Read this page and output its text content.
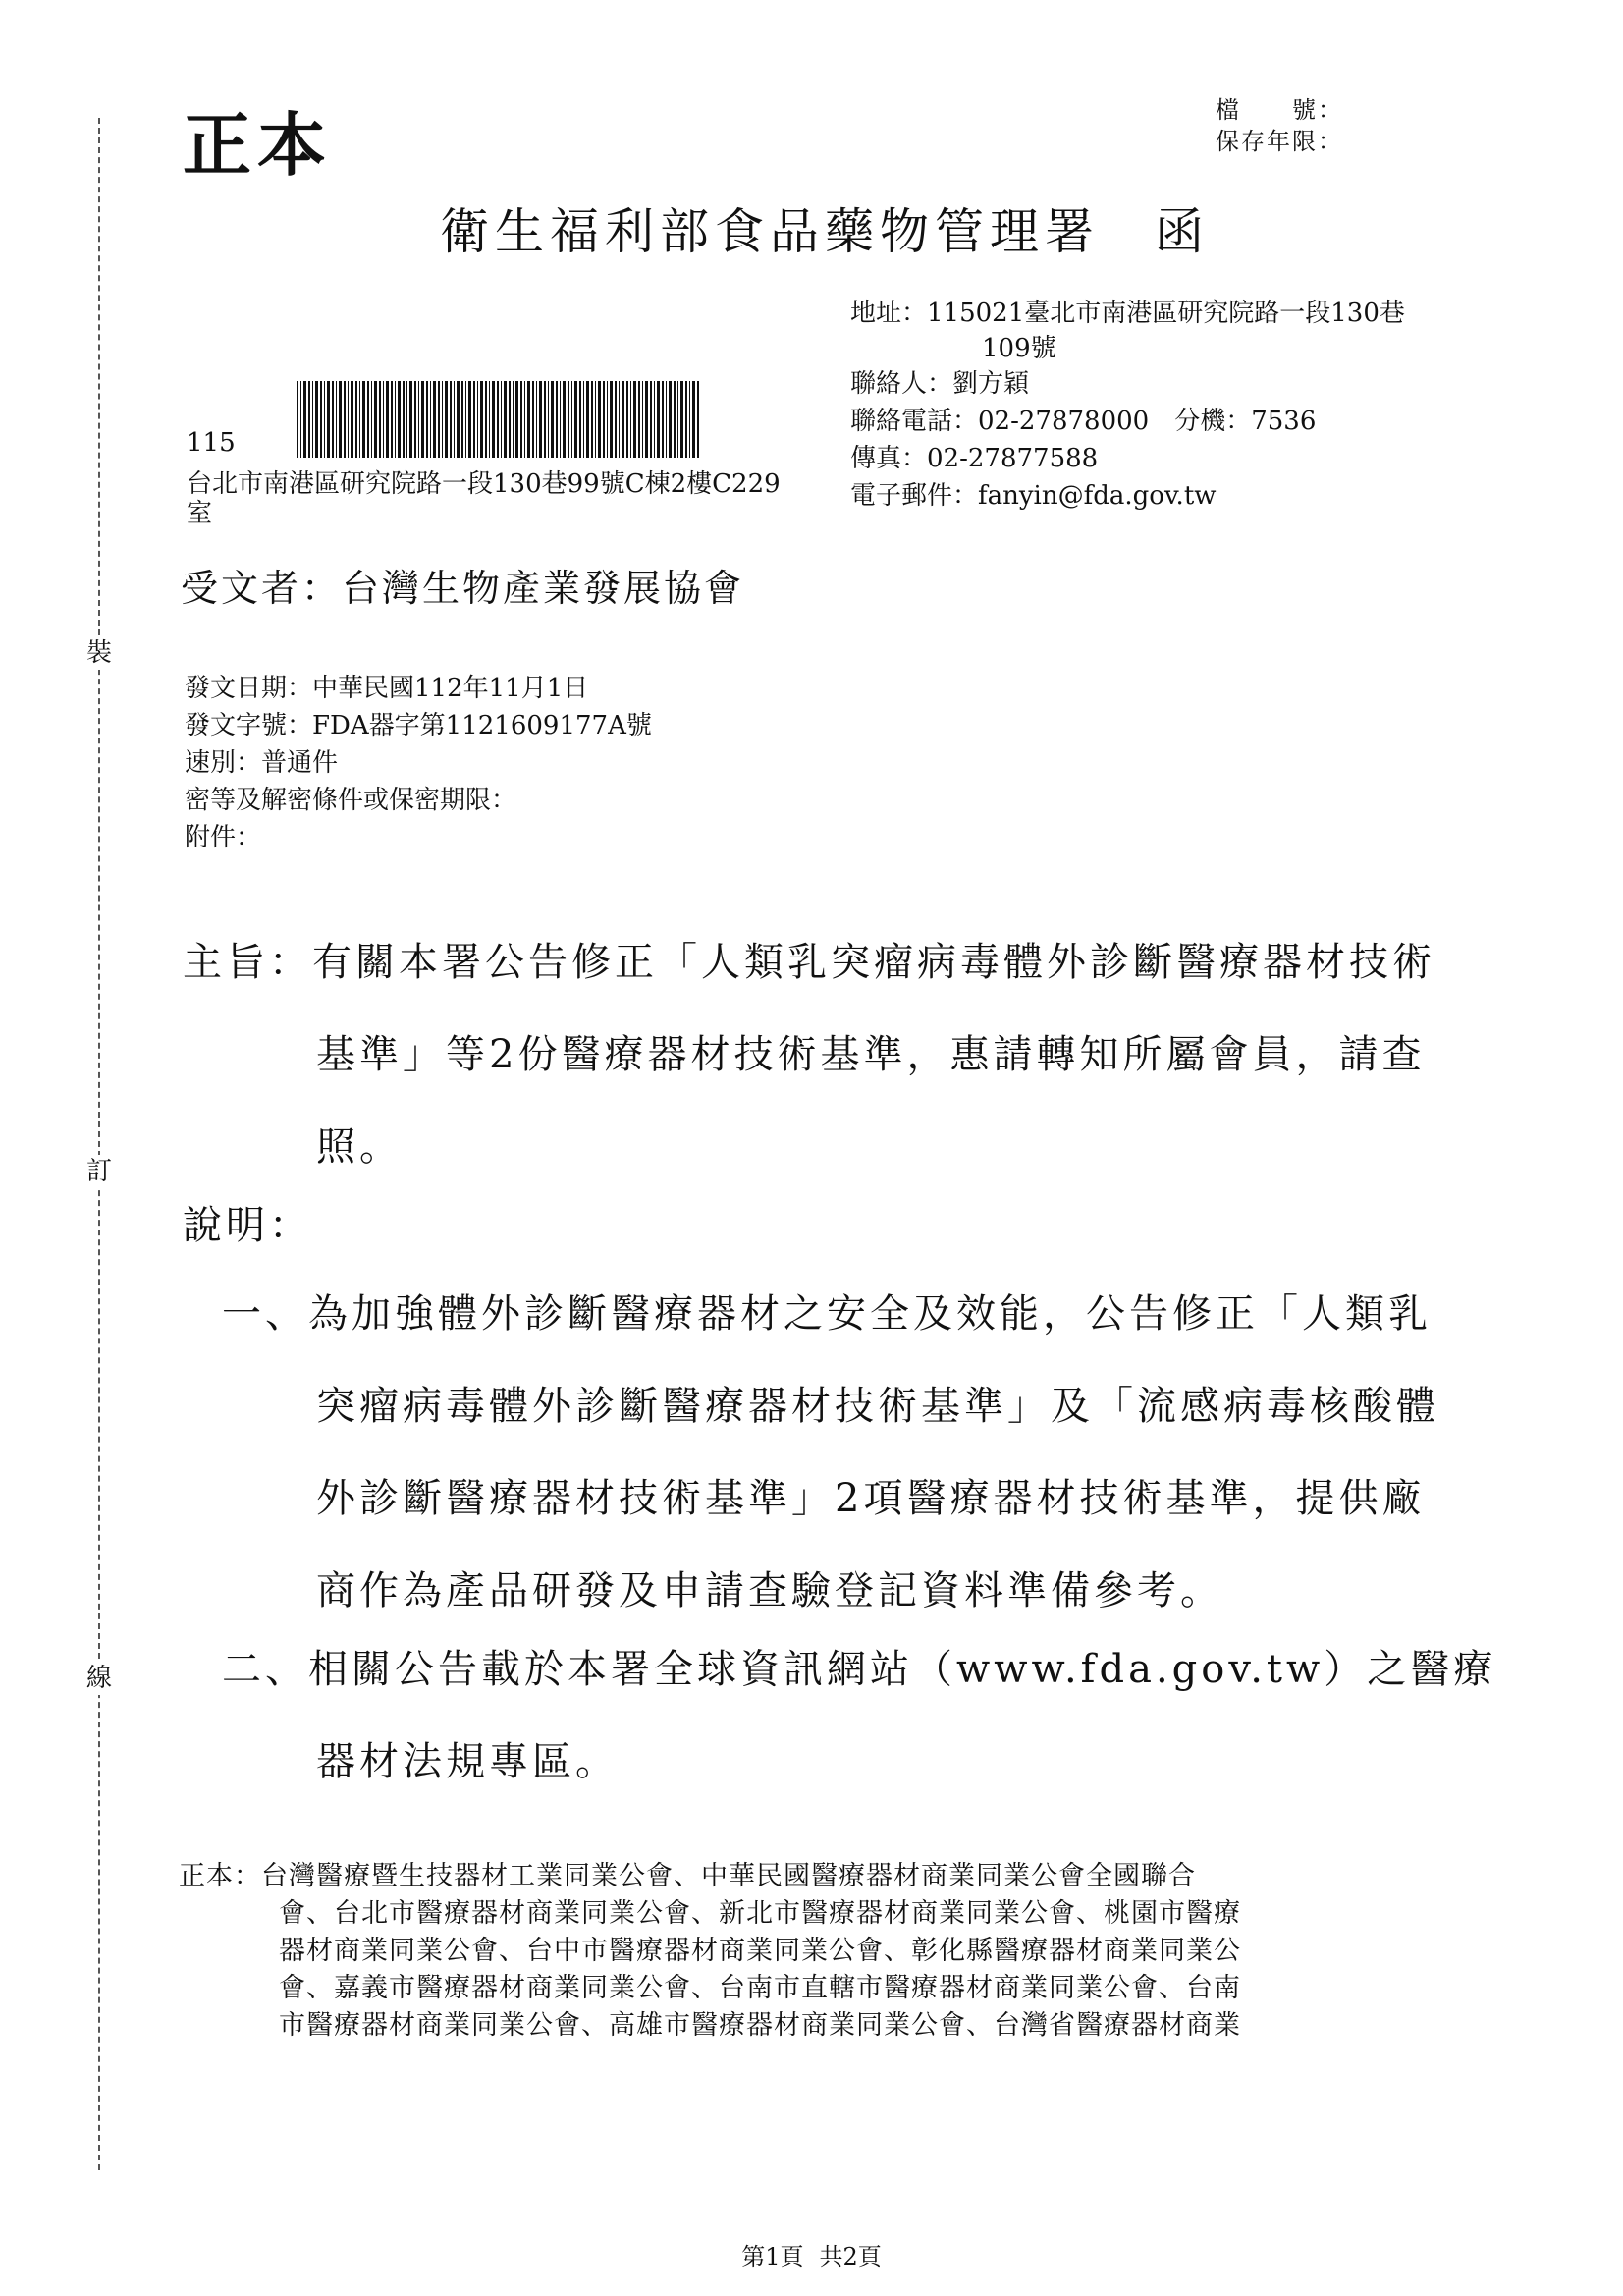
裝
訂
線
正本	檔　　號：
保存年限：
衛生福利部食品藥物管理署　函
地址：115021臺北市南港區研究院路一段130巷
109號
聯絡人：劉方穎
聯絡電話：02-27878000　分機：7536
傳真：02-27877588
電子郵件：fanyin@fda.gov.tw
115
台北市南港區研究院路一段130巷99號C棟2樓C229
室
受文者：台灣生物產業發展協會
發文日期：中華民國112年11月1日
發文字號：FDA器字第1121609177A號
速別：普通件
密等及解密條件或保密期限：
附件：
主旨：有關本署公告修正「人類乳突瘤病毒體外診斷醫療器材技術
基準」等2份醫療器材技術基準，惠請轉知所屬會員，請查
照。
說明：
一、為加強體外診斷醫療器材之安全及效能，公告修正「人類乳
突瘤病毒體外診斷醫療器材技術基準」及「流感病毒核酸體
外診斷醫療器材技術基準」2項醫療器材技術基準，提供廠
商作為產品研發及申請查驗登記資料準備參考。
二、相關公告載於本署全球資訊網站（www.fda.gov.tw）之醫療
器材法規專區。
正本：台灣醫療暨生技器材工業同業公會、中華民國醫療器材商業同業公會全國聯合
會、台北市醫療器材商業同業公會、新北市醫療器材商業同業公會、桃園市醫療
器材商業同業公會、台中市醫療器材商業同業公會、彰化縣醫療器材商業同業公
會、嘉義市醫療器材商業同業公會、台南市直轄市醫療器材商業同業公會、台南
市醫療器材商業同業公會、高雄市醫療器材商業同業公會、台灣省醫療器材商業
第1頁 共2頁
